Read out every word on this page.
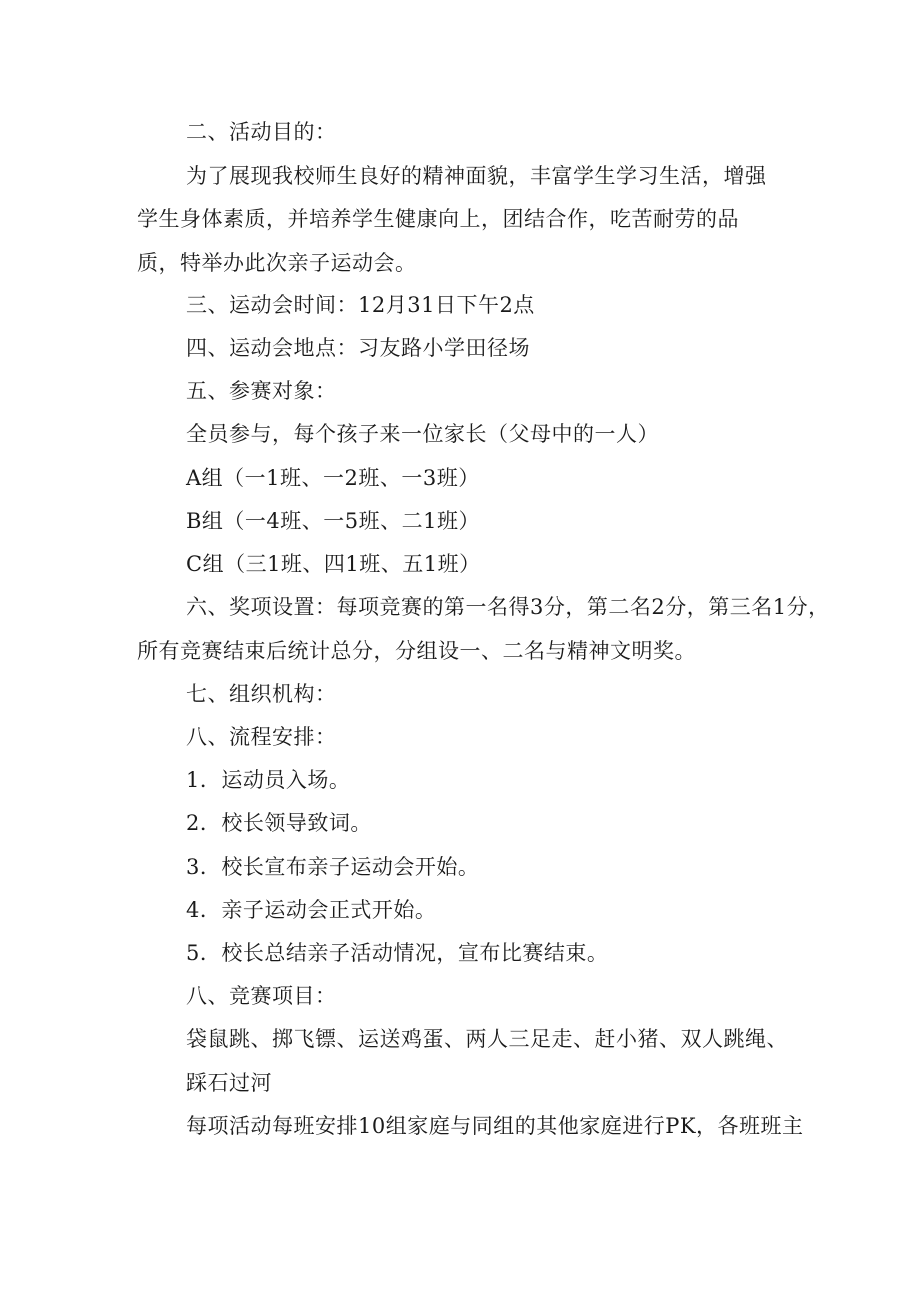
二、活动目的：
为了展现我校师生良好的精神面貌，丰富学生学习生活，增强
学生身体素质，并培养学生健康向上，团结合作，吃苦耐劳的品
质，特举办此次亲子运动会。
三、运动会时间：12月31日下午2点
四、运动会地点：习友路小学田径场
五、参赛对象：
全员参与，每个孩子来一位家长（父母中的一人）
A组（一1班、一2班、一3班）
B组（一4班、一5班、二1班）
C组（三1班、四1班、五1班）
六、奖项设置：每项竞赛的第一名得3分，第二名2分，第三名1分，
所有竞赛结束后统计总分，分组设一、二名与精神文明奖。
七、组织机构：
八、流程安排：
1．运动员入场。
2．校长领导致词。
3．校长宣布亲子运动会开始。
4．亲子运动会正式开始。
5．校长总结亲子活动情况，宣布比赛结束。
八、竞赛项目：
袋鼠跳、掷飞镖、运送鸡蛋、两人三足走、赶小猪、双人跳绳、
踩石过河
每项活动每班安排10组家庭与同组的其他家庭进行PK，各班班主
